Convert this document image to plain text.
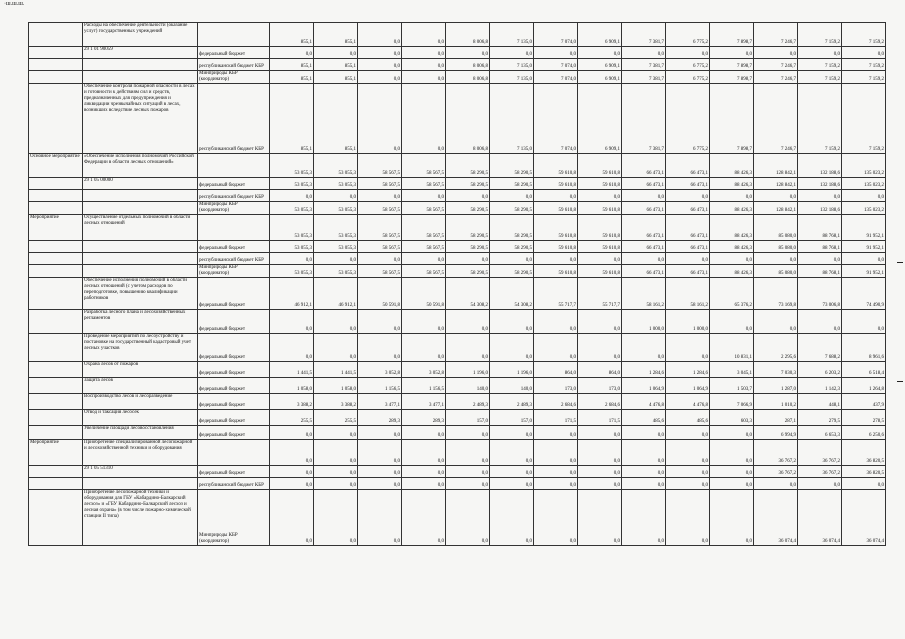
·ш.ш.ш.
	Расходы на обеспечение деятельности (оказание услуг) государственных учреждений		855,1	855,1	0,0	0,0	8 006,8	7 135,0	7 074,0	6 909,1	7 381,7	6 775,2	7 898,7	7 246,7	7 159,2	7 159,2
	29 1 01 90059	федеральный бюджет	0,0	0,0	0,0	0,0	0,0	0,0	0,0	0,0	0,0	0,0	0,0	0,0	0,0	0,0
		республиканский бюджет КБР	855,1	855,1	0,0	0,0	8 006,8	7 135,0	7 074,0	6 909,1	7 381,7	6 775,2	7 898,7	7 246,7	7 159,2	7 159,2
		Минприроды КБР (координатор)	855,1	855,1	0,0	0,0	8 006,8	7 135,0	7 074,0	6 909,1	7 381,7	6 775,2	7 898,7	7 246,7	7 159,2	7 159,2
	Обеспечение контроля пожарной опасности в лесах и готовности к действиям сил и средств, предназначенных для предупреждения и ликвидации чрезвычайных ситуаций в лесах, возникших вследствие лесных пожаров	республиканский бюджет КБР	855,1	855,1	0,0	0,0	8 006,8	7 135,0	7 074,0	6 909,1	7 381,7	6 775,2	7 898,7	7 246,7	7 159,2	7 159,2
Основное мероприятие	«Обеспечение исполнения полномочий Российской Федерации в области лесных отношений»		53 055,3	53 055,3	58 567,5	58 567,5	58 290,5	58 290,5	59 610,8	59 610,8	66 473,1	66 473,1	88 426,3	128 842,1	132 188,6	135 023,2
	29 1 05 00000	федеральный бюджет	53 055,3	53 055,3	58 567,5	58 567,5	58 290,5	58 290,5	59 610,8	59 610,8	66 473,1	66 473,1	88 426,3	128 842,1	132 188,6	135 023,2
		республиканский бюджет КБР	0,0	0,0	0,0	0,0	0,0	0,0	0,0	0,0	0,0	0,0	0,0	0,0	0,0	0,0
		Минприроды КБР (координатор)	53 055,3	53 055,3	58 567,5	58 567,5	58 290,5	58 290,5	59 610,8	59 610,8	66 473,1	66 473,1	88 426,3	128 842,1	132 188,6	135 023,2
Мероприятие	Осуществление отдельных полномочий в области лесных отношений		53 055,3	53 055,3	58 567,5	58 567,5	58 290,5	58 290,5	59 610,8	59 610,8	66 473,1	66 473,1	88 426,3	85 080,0	88 768,1	91 952,1
		федеральный бюджет	53 055,3	53 055,3	58 567,5	58 567,5	58 290,5	58 290,5	59 610,8	59 610,8	66 473,1	66 473,1	88 426,3	85 080,0	88 768,1	91 952,1
		республиканский бюджет КБР	0,0	0,0	0,0	0,0	0,0	0,0	0,0	0,0	0,0	0,0	0,0	0,0	0,0	0,0
		Минприроды КБР (координатор)	53 055,3	53 055,3	58 567,5	58 567,5	58 290,5	58 290,5	59 610,8	59 610,8	66 473,1	66 473,1	88 426,3	85 080,0	88 768,1	91 952,1
	Обеспечение исполнения полномочий в области лесных отношений (с учетом расходов по переподготовке, повышению квалификации работников	федеральный бюджет	46 912,1	46 912,1	50 591,8	50 591,8	54 308,2	54 308,2	55 717,7	55 717,7	58 161,2	58 161,2	65 376,2	73 169,8	73 006,8	74 490,9
	Разработка лесного плана и лесохозяйственных регламентов	федеральный бюджет	0,0	0,0	0,0	0,0	0,0	0,0	0,0	0,0	1 000,0	1 000,0	0,0	0,0	0,0	0,0
	Проведение мероприятий по лесоустройству и постановке на государственный кадастровый учет лесных участков	федеральный бюджет	0,0	0,0	0,0	0,0	0,0	0,0	0,0	0,0	0,0	0,0	10 831,1	2 295,6	7 688,2	8 961,6
	Охрана лесов от пожаров	федеральный бюджет	1 441,5	1 441,5	3 052,8	3 052,8	1 196,0	1 196,0	864,0	864,0	1 284,6	1 284,6	3 045,1	7 030,3	6 203,2	6 518,4
	Защита лесов	федеральный бюджет	1 058,0	1 058,0	1 156,5	1 156,5	140,0	140,0	173,0	173,0	1 064,9	1 064,9	1 503,7	1 287,0	1 142,3	1 264,8
	Воспроизводство лесов и лесоразведение	федеральный бюджет	3 388,2	3 388,2	3 477,1	3 477,1	2 489,3	2 489,3	2 684,6	2 684,6	4 476,8	4 476,8	7 066,9	1 010,2	448,1	437,9
	Отвод и таксация лесосек	федеральный бюджет	255,5	255,5	289,3	289,3	157,0	157,0	171,5	171,5	485,6	485,6	603,3	287,1	279,5	278,5
	Увеличение площади лесовосстановления	федеральный бюджет	0,0	0,0	0,0	0,0	0,0	0,0	0,0	0,0	0,0	0,0	0,0	6 994,9	6 653,3	6 250,6
Мероприятие	Приобретение специализированной лесопожарной и лесохозяйственной техники и оборудования		0,0	0,0	0,0	0,0	0,0	0,0	0,0	0,0	0,0	0,0	0,0	36 767,2	36 767,2	36 820,5
	29 1 05 51310	федеральный бюджет	0,0	0,0	0,0	0,0	0,0	0,0	0,0	0,0	0,0	0,0	0,0	36 767,2	36 767,2	36 820,5
		республиканский бюджет КБР	0,0	0,0	0,0	0,0	0,0	0,0	0,0	0,0	0,0	0,0	0,0	0,0	0,0	0,0
	Приобретение лесопожарной техники и оборудования для ГБУ «Кабардино-Балкарский лесхоз» и «ГБУ Кабардино-Балкарский лесхоз и лесная охрана» (в том числе пожарно-химической станции II типа)	Минприроды КБР (координатор)	0,0	0,0	0,0	0,0	0,0	0,0	0,0	0,0	0,0	0,0	0,0	36 074,4	36 074,4	36 074,4
